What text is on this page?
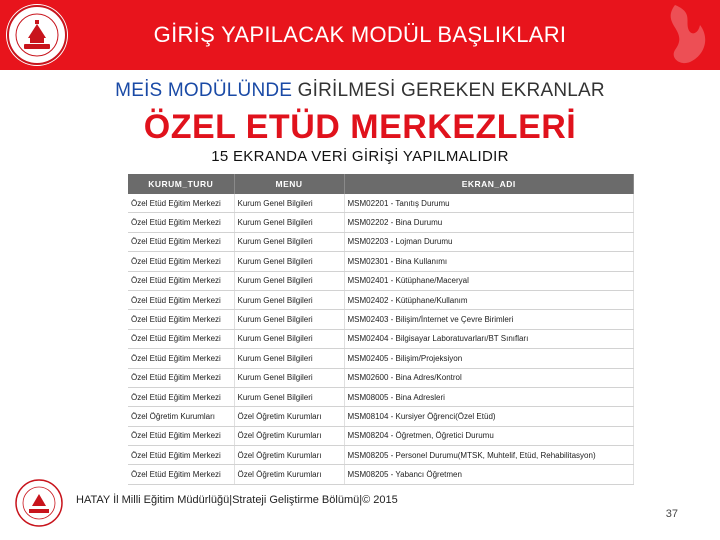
GİRİŞ YAPILACAK MODÜL BAŞLIKLARI
MEİS MODÜLÜNDE GİRİLMESİ GEREKEN EKRANLAR
ÖZEL ETÜD MERKEZLERİ
15 EKRANDA VERİ GİRİŞİ YAPILMALIDIR
KURUM_TURU	MENU	EKRAN_ADI
Özel Etüd Eğitim Merkezi	Kurum Genel Bilgileri	MSM02201 - Tanıtış Durumu
Özel Etüd Eğitim Merkezi	Kurum Genel Bilgileri	MSM02202 - Bina Durumu
Özel Etüd Eğitim Merkezi	Kurum Genel Bilgileri	MSM02203 - Lojman Durumu
Özel Etüd Eğitim Merkezi	Kurum Genel Bilgileri	MSM02301 - Bina Kullanımı
Özel Etüd Eğitim Merkezi	Kurum Genel Bilgileri	MSM02401 - Kütüphane/Maceryal
Özel Etüd Eğitim Merkezi	Kurum Genel Bilgileri	MSM02402 - Kütüphane/Kullanım
Özel Etüd Eğitim Merkezi	Kurum Genel Bilgileri	MSM02403 - Bilişim/İnternet ve Çevre Birimleri
Özel Etüd Eğitim Merkezi	Kurum Genel Bilgileri	MSM02404 - Bilgisayar Laboratuvarları/BT Sınıfları
Özel Etüd Eğitim Merkezi	Kurum Genel Bilgileri	MSM02405 - Bilişim/Projeksiyon
Özel Etüd Eğitim Merkezi	Kurum Genel Bilgileri	MSM02600 - Bina Adres/Kontrol
Özel Etüd Eğitim Merkezi	Kurum Genel Bilgileri	MSM08005 - Bina Adresleri
Özel Öğretim Kurumları	Özel Öğretim Kurumları	MSM08104 - Kursiyer Öğrenci(Özel Etüd)
Özel Etüd Eğitim Merkezi	Özel Öğretim Kurumları	MSM08204 - Öğretmen, Öğretici Durumu
Özel Etüd Eğitim Merkezi	Özel Öğretim Kurumları	MSM08205 - Personel Durumu(MTSK, Muhtelif, Etüd, Rehabilitasyon)
Özel Etüd Eğitim Merkezi	Özel Öğretim Kurumları	MSM08205 - Yabancı Öğretmen
HATAY İl Milli Eğitim Müdürlüğü|Strateji Geliştirme Bölümü|© 2015
37
